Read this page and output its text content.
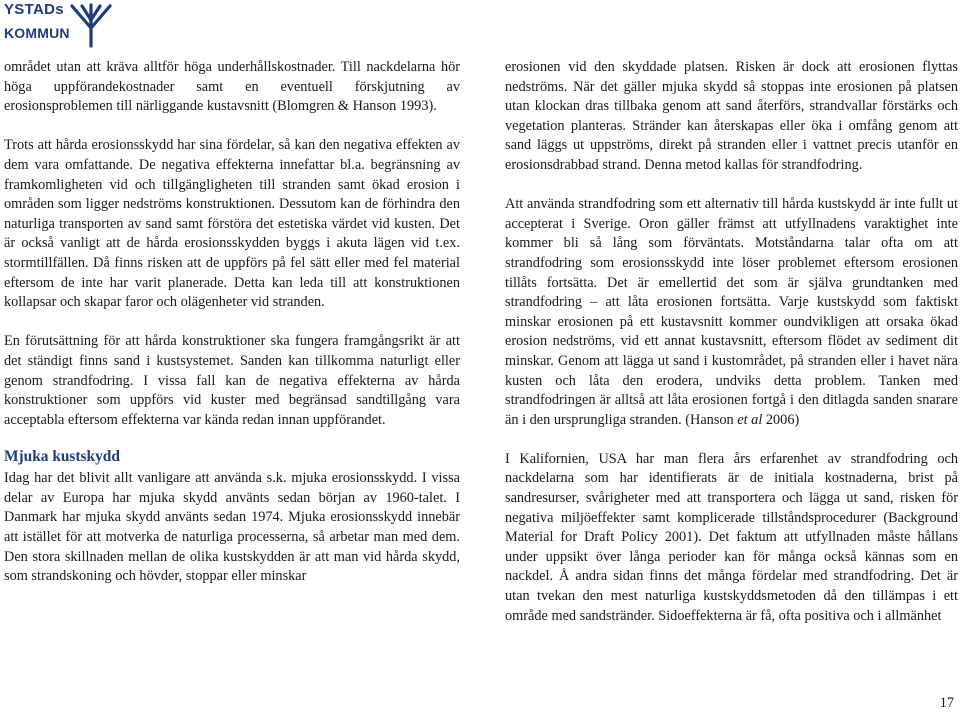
YSTADs
KOMMUN

området utan att kräva alltför höga underhållskostnader. Till nackdelarna hör höga uppförandekostnader samt en eventuell förskjutning av erosionsproblemen till närliggande kustavsnitt (Blomgren & Hanson 1993).

Trots att hårda erosionsskydd har sina fördelar, så kan den negativa effekten av dem vara omfattande. De negativa effekterna innefattar bl.a. begränsning av framkomligheten vid och tillgängligheten till stranden samt ökad erosion i områden som ligger nedströms konstruktionen. Dessutom kan de förhindra den naturliga transporten av sand samt förstöra det estetiska värdet vid kusten. Det är också vanligt att de hårda erosionsskydden byggs i akuta lägen vid t.ex. stormtillfällen. Då finns risken att de uppförs på fel sätt eller med fel material eftersom de inte har varit planerade. Detta kan leda till att konstruktionen kollapsar och skapar faror och olägenheter vid stranden.

En förutsättning för att hårda konstruktioner ska fungera framgångsrikt är att det ständigt finns sand i kustsystemet. Sanden kan tillkomma naturligt eller genom strandfodring. I vissa fall kan de negativa effekterna av hårda konstruktioner som uppförs vid kuster med begränsad sandtillgång vara acceptabla eftersom effekterna var kända redan innan uppförandet.

Mjuka kustskydd

Idag har det blivit allt vanligare att använda s.k. mjuka erosionsskydd. I vissa delar av Europa har mjuka skydd använts sedan början av 1960-talet. I Danmark har mjuka skydd använts sedan 1974. Mjuka erosionsskydd innebär att istället för att motverka de naturliga processerna, så arbetar man med dem. Den stora skillnaden mellan de olika kustskydden är att man vid hårda skydd, som strandskoning och hövder, stoppar eller minskar

erosionen vid den skyddade platsen. Risken är dock att erosionen flyttas nedströms. När det gäller mjuka skydd så stoppas inte erosionen på platsen utan klockan dras tillbaka genom att sand återförs, strandvallar förstärks och vegetation planteras. Stränder kan återskapas eller öka i omfång genom att sand läggs ut uppströms, direkt på stranden eller i vattnet precis utanför en erosionsdrabbad strand. Denna metod kallas för strandfodring.

Att använda strandfodring som ett alternativ till hårda kustskydd är inte fullt ut accepterat i Sverige. Oron gäller främst att utfyllnadens varaktighet inte kommer bli så lång som förväntats. Motståndarna talar ofta om att strandfodring som erosionsskydd inte löser problemet eftersom erosionen tillåts fortsätta. Det är emellertid det som är själva grundtanken med strandfodring – att låta erosionen fortsätta. Varje kustskydd som faktiskt minskar erosionen på ett kustavsnitt kommer oundvikligen att orsaka ökad erosion nedströms, vid ett annat kustavsnitt, eftersom flödet av sediment dit minskar. Genom att lägga ut sand i kustområdet, på stranden eller i havet nära kusten och låta den erodera, undviks detta problem. Tanken med strandfodringen är alltså att låta erosionen fortgå i den ditlagda sanden snarare än i den ursprungliga stranden. (Hanson et al 2006)

I Kalifornien, USA har man flera års erfarenhet av strandfodring och nackdelarna som har identifierats är de initiala kostnaderna, brist på sandresurser, svårigheter med att transportera och lägga ut sand, risken för negativa miljöeffekter samt komplicerade tillståndsprocedurer (Background Material for Draft Policy 2001). Det faktum att utfyllnaden måste hållans under uppsikt över långa perioder kan för många också kännas som en nackdel. Å andra sidan finns det många fördelar med strandfodring. Det är utan tvekan den mest naturliga kustskyddsmetoden då den tillämpas i ett område med sandstränder. Sidoeffekterna är få, ofta positiva och i allmänhet

17
